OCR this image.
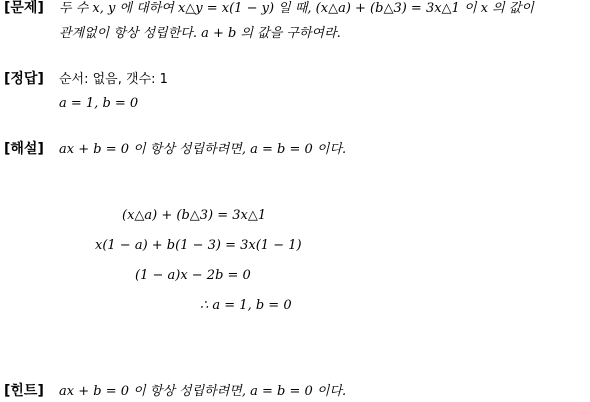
[문제] 두 수 x, y 에 대하여 x△y = x(1 − y) 일 때, (x△a) + (b△3) = 3x△1 이 x 의 값이
관계없이 항상 성립한다. a + b 의 값을 구하여라.
[정답] 순서: 없음, 갯수: 1
a = 1, b = 0
[해설] ax + b = 0 이 항상 성립하려면, a = b = 0 이다.
(x△a) + (b△3) = 3x△1
x(1 − a) + b(1 − 3) = 3x(1 − 1)
(1 − a)x − 2b = 0
∴ a = 1, b = 0
[힌트] ax + b = 0 이 항상 성립하려면, a = b = 0 이다.
